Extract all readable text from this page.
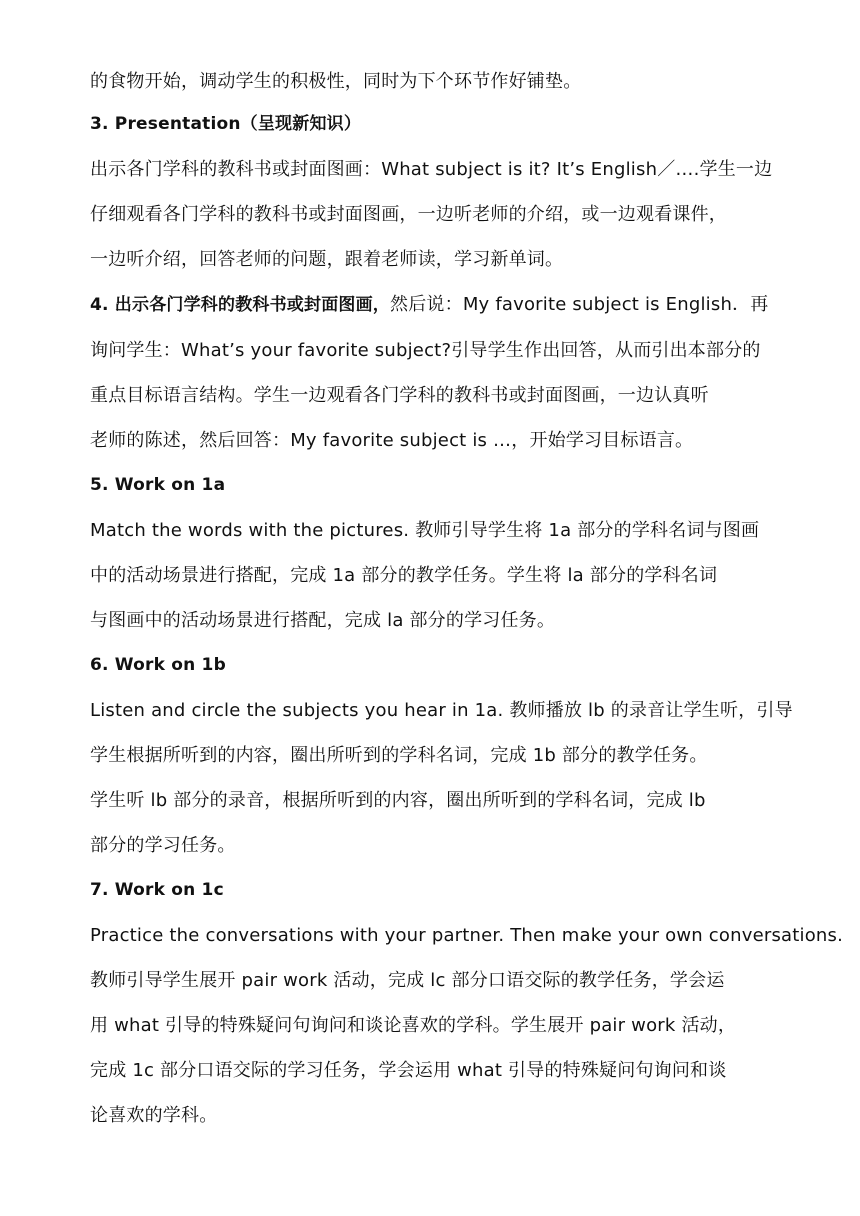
的食物开始，调动学生的积极性，同时为下个环节作好铺垫。
3. Presentation（呈现新知识）
出示各门学科的教科书或封面图画：What subject is it? It’s English／….学生一边
仔细观看各门学科的教科书或封面图画，一边听老师的介绍，或一边观看课件，
一边听介绍，回答老师的问题，跟着老师读，学习新单词。
4. 出示各门学科的教科书或封面图画，然后说：My favorite subject is English．再
询问学生：What’s your favorite subject?引导学生作出回答，从而引出本部分的
重点目标语言结构。学生一边观看各门学科的教科书或封面图画，一边认真听
老师的陈述，然后回答：My favorite subject is …，开始学习目标语言。
5. Work on 1a
Match the words with the pictures. 教师引导学生将 1a 部分的学科名词与图画
中的活动场景进行搭配，完成 1a 部分的教学任务。学生将 la 部分的学科名词
与图画中的活动场景进行搭配，完成 la 部分的学习任务。
6. Work on 1b
Listen and circle the subjects you hear in 1a. 教师播放 lb 的录音让学生听，引导
学生根据所听到的内容，圈出所听到的学科名词，完成 1b 部分的教学任务。
学生听 lb 部分的录音，根据所听到的内容，圈出所听到的学科名词，完成 lb
部分的学习任务。
7. Work on 1c
Practice the conversations with your partner. Then make your own conversations.
教师引导学生展开 pair work 活动，完成 lc 部分口语交际的教学任务，学会运
用 what 引导的特殊疑问句询问和谈论喜欢的学科。学生展开 pair work 活动，
完成 1c 部分口语交际的学习任务，学会运用 what 引导的特殊疑问句询问和谈
论喜欢的学科。
